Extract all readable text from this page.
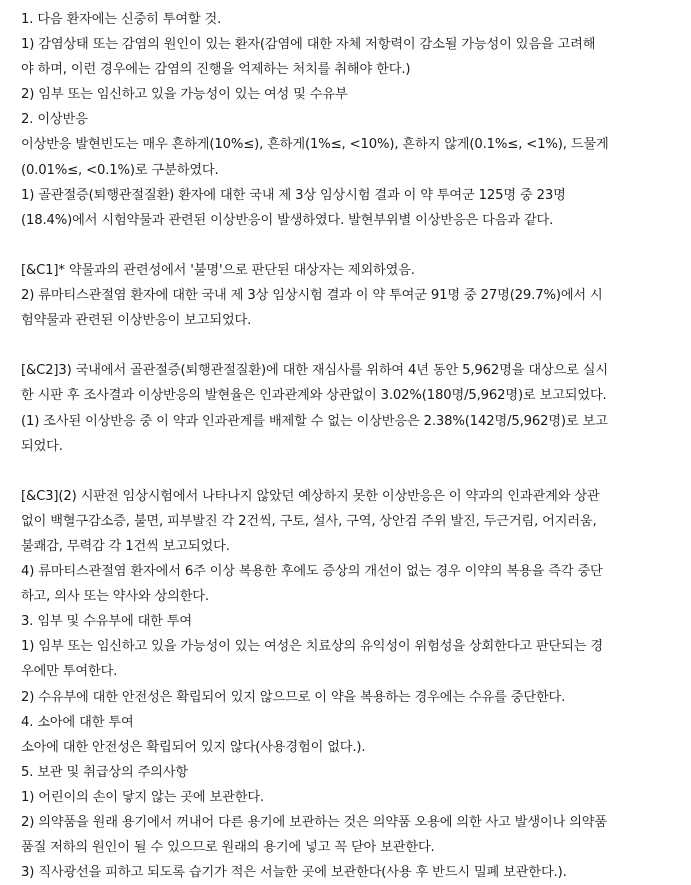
1. 다음 환자에는 신중히 투여할 것.
1) 감염상태 또는 감염의 원인이 있는 환자(감염에 대한 자체 저항력이 감소될 가능성이 있음을 고려해
야 하며, 이런 경우에는 감염의 진행을 억제하는 처치를 취해야 한다.)
2) 임부 또는 임신하고 있을 가능성이 있는 여성 및 수유부
2. 이상반응
이상반응 발현빈도는 매우 흔하게(10%≤), 흔하게(1%≤, <10%), 흔하지 않게(0.1%≤, <1%), 드물게
(0.01%≤, <0.1%)로 구분하였다.
1) 골관절증(퇴행관절질환) 환자에 대한 국내 제 3상 임상시험 결과 이 약 투여군 125명 중 23명
(18.4%)에서 시험약물과 관련된 이상반응이 발생하였다. 발현부위별 이상반응은 다음과 같다.
[&C1]* 약물과의 관련성에서 '불명'으로 판단된 대상자는 제외하였음.
2) 류마티스관절염 환자에 대한 국내 제 3상 임상시험 결과 이 약 투여군 91명 중 27명(29.7%)에서 시
험약물과 관련된 이상반응이 보고되었다.
[&C2]3) 국내에서 골관절증(퇴행관절질환)에 대한 재심사를 위하여 4년 동안 5,962명을 대상으로 실시
한 시판 후 조사결과 이상반응의 발현율은 인과관계와 상관없이 3.02%(180명/5,962명)로 보고되었다.
(1) 조사된 이상반응 중 이 약과 인과관계를 배제할 수 없는 이상반응은 2.38%(142명/5,962명)로 보고
되었다.
[&C3](2) 시판전 임상시험에서 나타나지 않았던 예상하지 못한 이상반응은 이 약과의 인과관계와 상관
없이 백혈구감소증, 불면, 피부발진 각 2건씩, 구토, 설사, 구역, 상안검 주위 발진, 두근거림, 어지러움,
불쾌감, 무력감 각 1건씩 보고되었다.
4) 류마티스관절염 환자에서 6주 이상 복용한 후에도 증상의 개선이 없는 경우 이약의 복용을 즉각 중단
하고, 의사 또는 약사와 상의한다.
3. 임부 및 수유부에 대한 투여
1) 임부 또는 임신하고 있을 가능성이 있는 여성은 치료상의 유익성이 위험성을 상회한다고 판단되는 경
우에만 투여한다.
2) 수유부에 대한 안전성은 확립되어 있지 않으므로 이 약을 복용하는 경우에는 수유를 중단한다.
4. 소아에 대한 투여
소아에 대한 안전성은 확립되어 있지 않다(사용경험이 없다.).
5. 보관 및 취급상의 주의사항
1) 어린이의 손이 닿지 않는 곳에 보관한다.
2) 의약품을 원래 용기에서 꺼내어 다른 용기에 보관하는 것은 의약품 오용에 의한 사고 발생이나 의약품
품질 저하의 원인이 될 수 있으므로 원래의 용기에 넣고 꼭 닫아 보관한다.
3) 직사광선을 피하고 되도록 습기가 적은 서늘한 곳에 보관한다(사용 후 반드시 밀폐 보관한다.).
